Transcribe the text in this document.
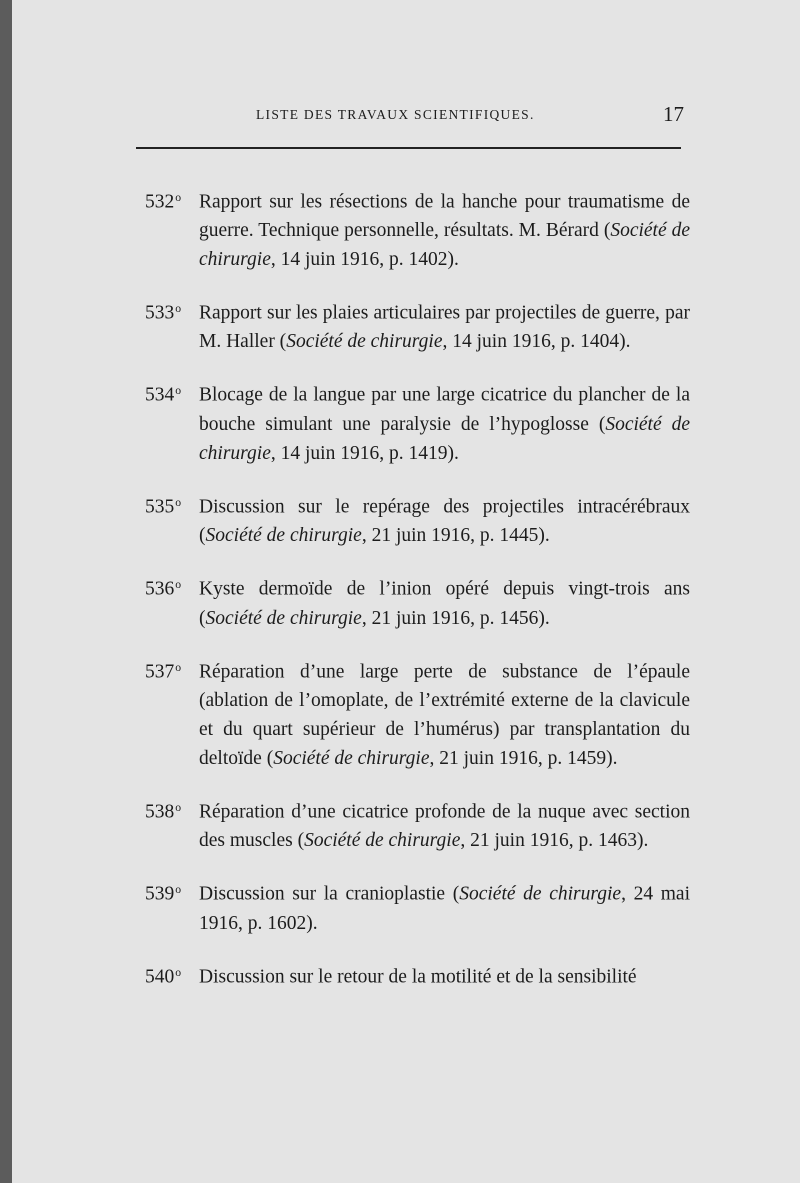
LISTE DES TRAVAUX SCIENTIFIQUES.	17

532$^o$ Rapport sur les résections de la hanche pour traumatisme de guerre. Technique personnelle, résultats. M. Bérard (Société de chirurgie, 14 juin 1916, p. 1402).

533$^o$ Rapport sur les plaies articulaires par projectiles de guerre, par M. Haller (Société de chirurgie, 14 juin 1916, p. 1404).

534$^o$ Blocage de la langue par une large cicatrice du plancher de la bouche simulant une paralysie de l’hypoglosse (Société de chirurgie, 14 juin 1916, p. 1419).

535$^o$ Discussion sur le repérage des projectiles intracérébraux (Société de chirurgie, 21 juin 1916, p. 1445).

536$^o$ Kyste dermoïde de l’inion opéré depuis vingt-trois ans (Société de chirurgie, 21 juin 1916, p. 1456).

537$^o$ Réparation d’une large perte de substance de l’épaule (ablation de l’omoplate, de l’extrémité externe de la clavicule et du quart supérieur de l’humérus) par transplantation du deltoïde (Société de chirurgie, 21 juin 1916, p. 1459).

538$^o$ Réparation d’une cicatrice profonde de la nuque avec section des muscles (Société de chirurgie, 21 juin 1916, p. 1463).

539$^o$ Discussion sur la cranioplastie (Société de chirurgie, 24 mai 1916, p. 1602).

540$^o$ Discussion sur le retour de la motilité et de la sensibilité
